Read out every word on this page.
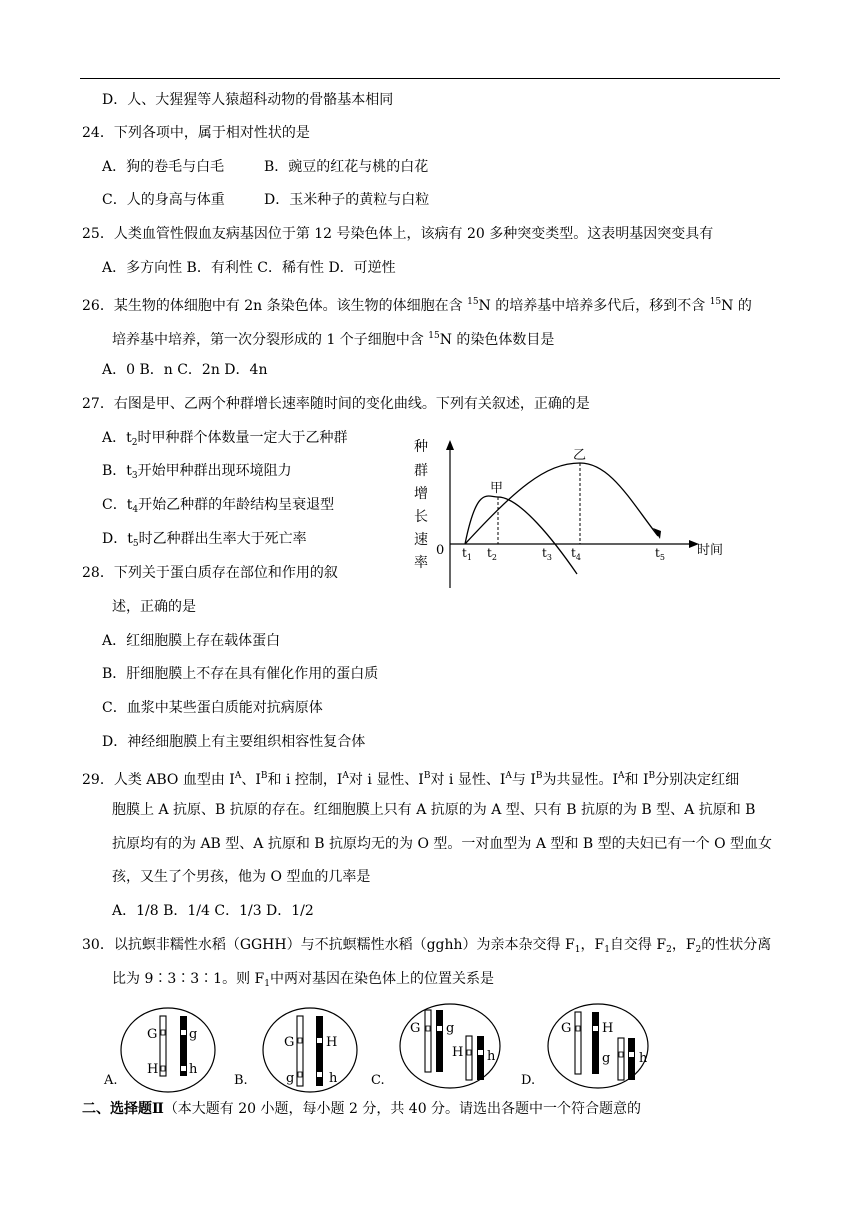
D．人、大猩猩等人猿超科动物的骨骼基本相同
24．下列各项中，属于相对性状的是
A．狗的卷毛与白毛	B．豌豆的红花与桃的白花
C．人的身高与体重	D．玉米种子的黄粒与白粒
25．人类血管性假血友病基因位于第 12 号染色体上，该病有 20 多种突变类型。这表明基因突变具有
A．多方向性 B．有利性 C．稀有性 D．可逆性
26．某生物的体细胞中有 2n 条染色体。该生物的体细胞在含 $^{15}$N 的培养基中培养多代后，移到不含 $^{15}$N 的
培养基中培养，第一次分裂形成的 1 个子细胞中含 $^{15}$N 的染色体数目是
A．0 B．n C．2n D．4n
27．右图是甲、乙两个种群增长速率随时间的变化曲线。下列有关叙述，正确的是
A．$t_2$时甲种群个体数量一定大于乙种群
B．$t_3$开始甲种群出现环境阻力
C．$t_4$开始乙种群的年龄结构呈衰退型
D．$t_5$时乙种群出生率大于死亡率
种
群
增
长
速
率
0	时间
甲
乙
$t_1$ $t_2$	$t_3$ $t_4$	$t_5$
28．下列关于蛋白质存在部位和作用的叙
述，正确的是
A．红细胞膜上存在载体蛋白
B．肝细胞膜上不存在具有催化作用的蛋白质
C．血浆中某些蛋白质能对抗病原体
D．神经细胞膜上有主要组织相容性复合体
29．人类 ABO 血型由 $I^A$、$I^B$和 i 控制，$I^A$对 i 显性、$I^B$对 i 显性、$I^A$与 $I^B$为共显性。$I^A$和 $I^B$分别决定红细
胞膜上 A 抗原、B 抗原的存在。红细胞膜上只有 A 抗原的为 A 型、只有 B 抗原的为 B 型、A 抗原和 B
抗原均有的为 AB 型、A 抗原和 B 抗原均无的为 O 型。一对血型为 A 型和 B 型的夫妇已有一个 O 型血女
孩，又生了个男孩，他为 O 型血的几率是
A．1/8 B．1/4 C．1/3 D．1/2
30．以抗螟非糯性水稻（GGHH）与不抗螟糯性水稻（gghh）为亲本杂交得 $F_1$，$F_1$自交得 $F_2$，$F_2$的性状分离
比为 9∶3∶3∶1。则 $F_1$中两对基因在染色体上的位置关系是
A.
G
H
g
h
B.
G
g
H
h	C.
G g
H h
D.
G H
g h
二、选择题Ⅱ（本大题有 20 小题，每小题 2 分，共 40 分。请选出各题中一个符合题意的
